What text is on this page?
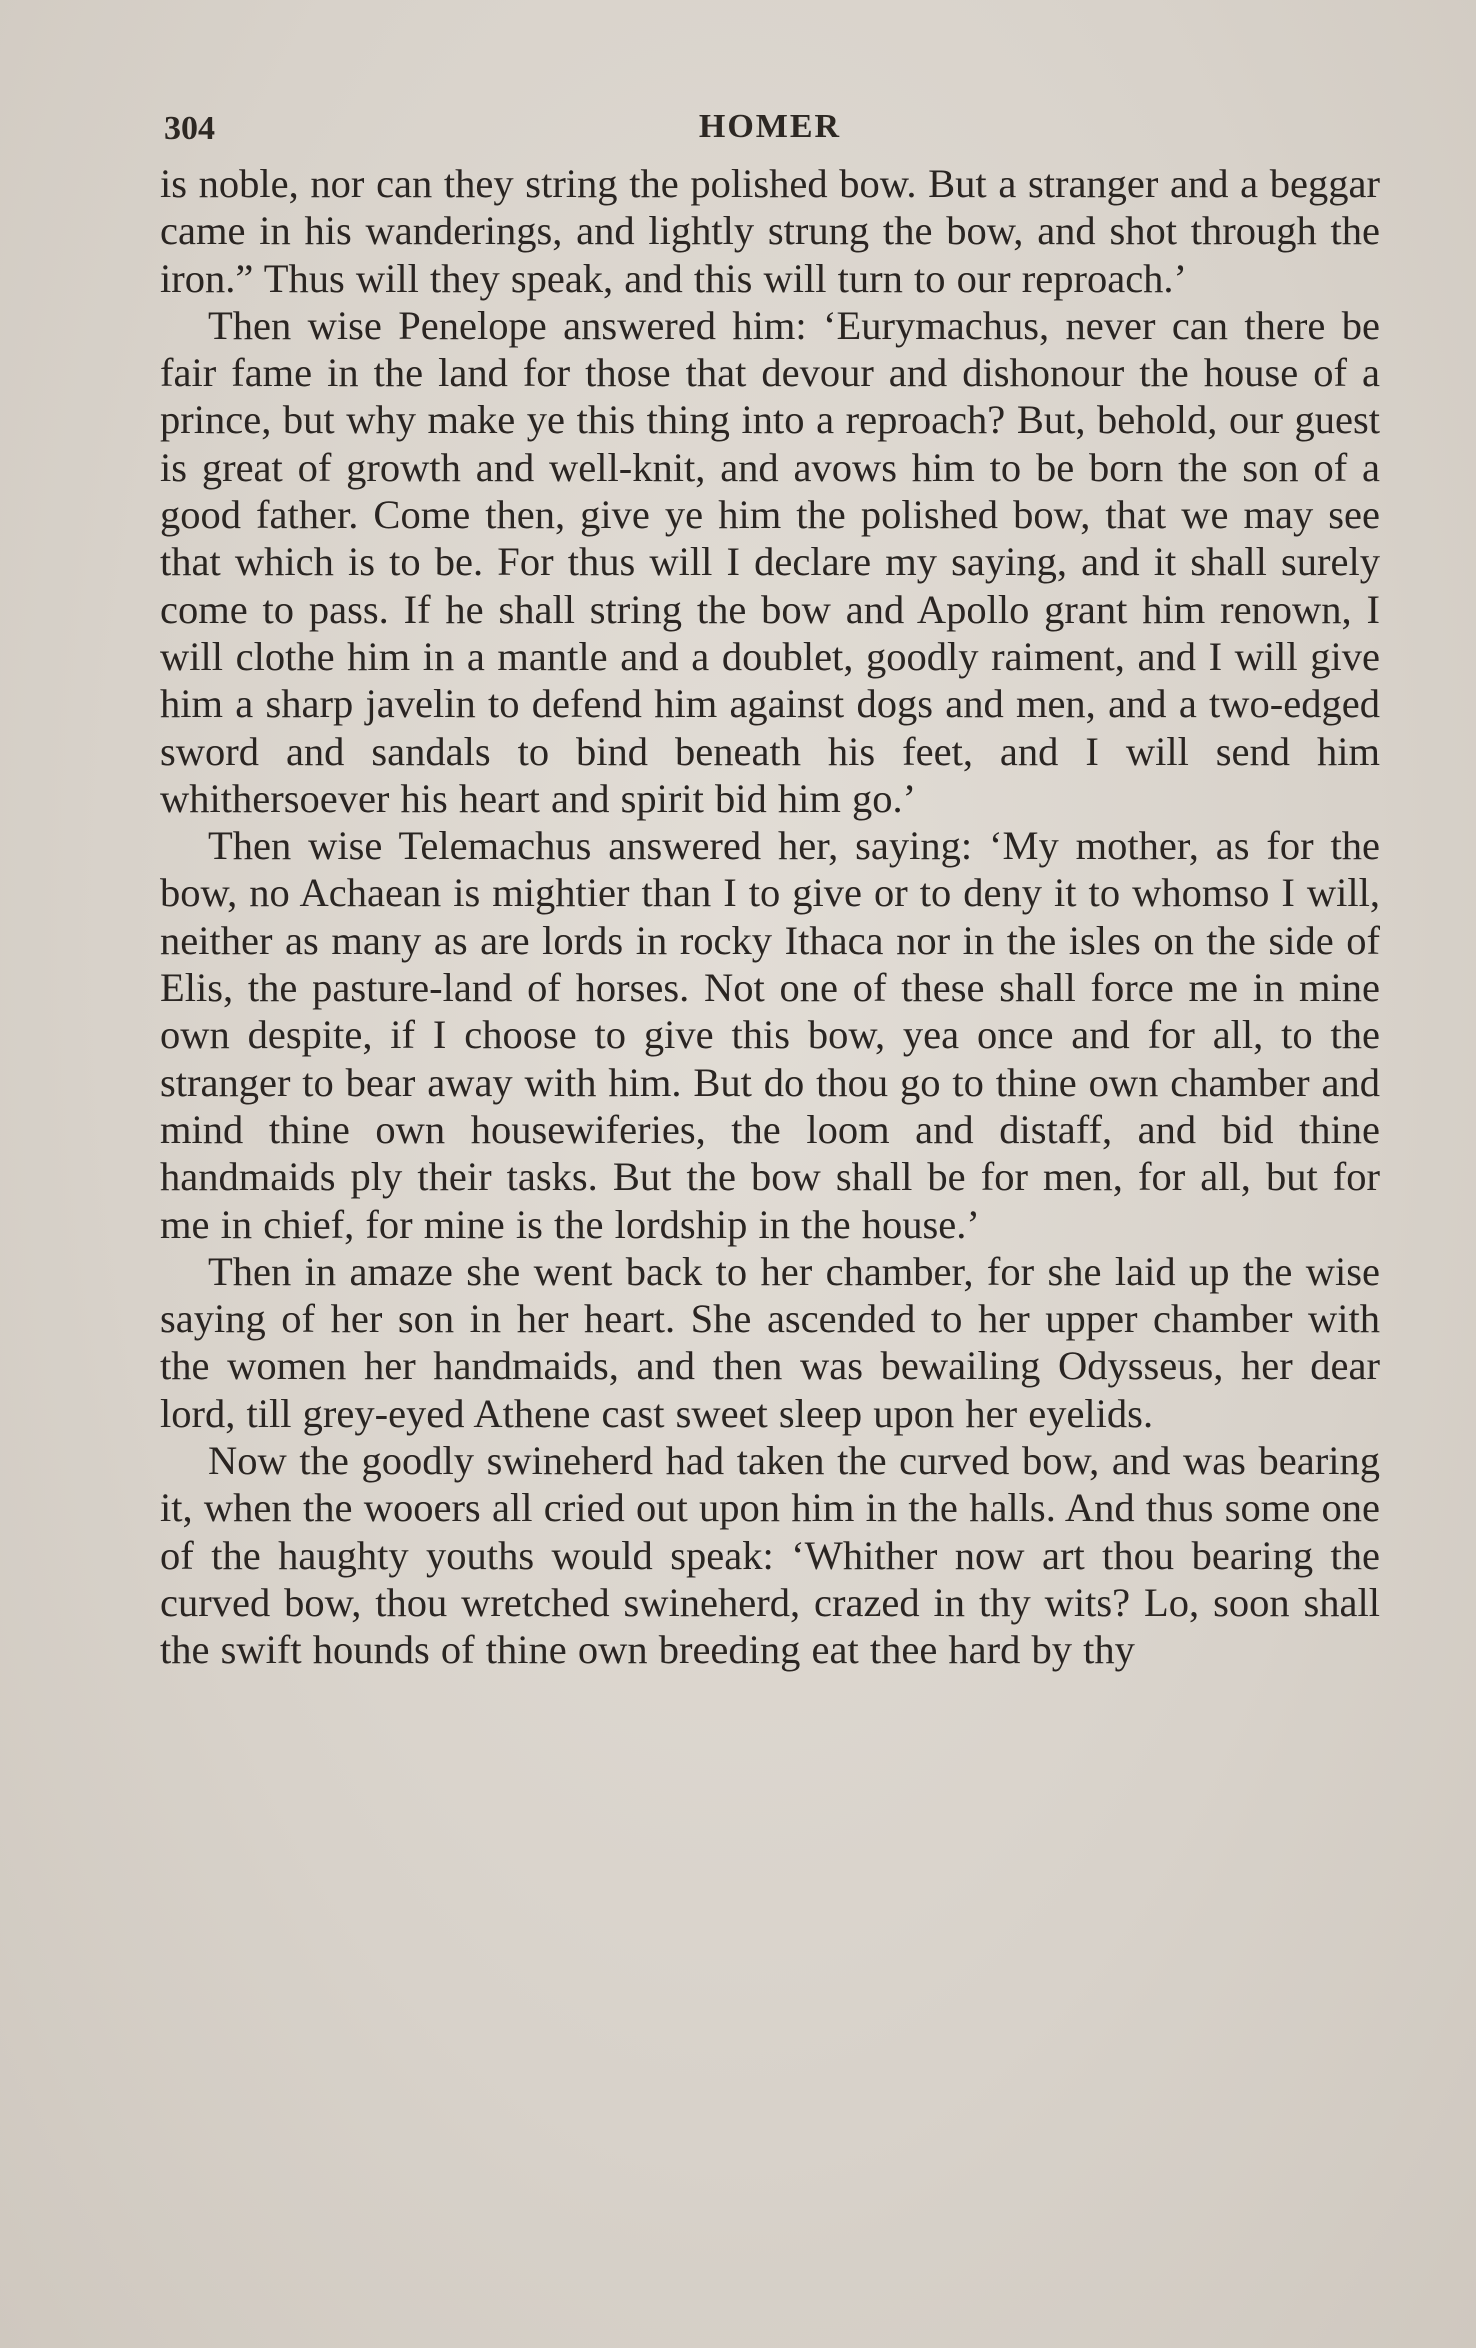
304	HOMER

is noble, nor can they string the polished bow. But a stranger and a beggar came in his wanderings, and lightly strung the bow, and shot through the iron.” Thus will they speak, and this will turn to our reproach.’

Then wise Penelope answered him: ‘Eurymachus, never can there be fair fame in the land for those that devour and dishonour the house of a prince, but why make ye this thing into a reproach? But, behold, our guest is great of growth and well-knit, and avows him to be born the son of a good father. Come then, give ye him the polished bow, that we may see that which is to be. For thus will I declare my saying, and it shall surely come to pass. If he shall string the bow and Apollo grant him renown, I will clothe him in a mantle and a doublet, goodly raiment, and I will give him a sharp javelin to defend him against dogs and men, and a two-edged sword and sandals to bind beneath his feet, and I will send him whithersoever his heart and spirit bid him go.’

Then wise Telemachus answered her, saying: ‘My mother, as for the bow, no Achaean is mightier than I to give or to deny it to whomso I will, neither as many as are lords in rocky Ithaca nor in the isles on the side of Elis, the pasture-land of horses. Not one of these shall force me in mine own despite, if I choose to give this bow, yea once and for all, to the stranger to bear away with him. But do thou go to thine own chamber and mind thine own housewiferies, the loom and distaff, and bid thine handmaids ply their tasks. But the bow shall be for men, for all, but for me in chief, for mine is the lordship in the house.’

Then in amaze she went back to her chamber, for she laid up the wise saying of her son in her heart. She ascended to her upper chamber with the women her handmaids, and then was bewailing Odysseus, her dear lord, till grey-eyed Athene cast sweet sleep upon her eyelids.

Now the goodly swineherd had taken the curved bow, and was bearing it, when the wooers all cried out upon him in the halls. And thus some one of the haughty youths would speak: ‘Whither now art thou bearing the curved bow, thou wretched swineherd, crazed in thy wits? Lo, soon shall the swift hounds of thine own breeding eat thee hard by thy
